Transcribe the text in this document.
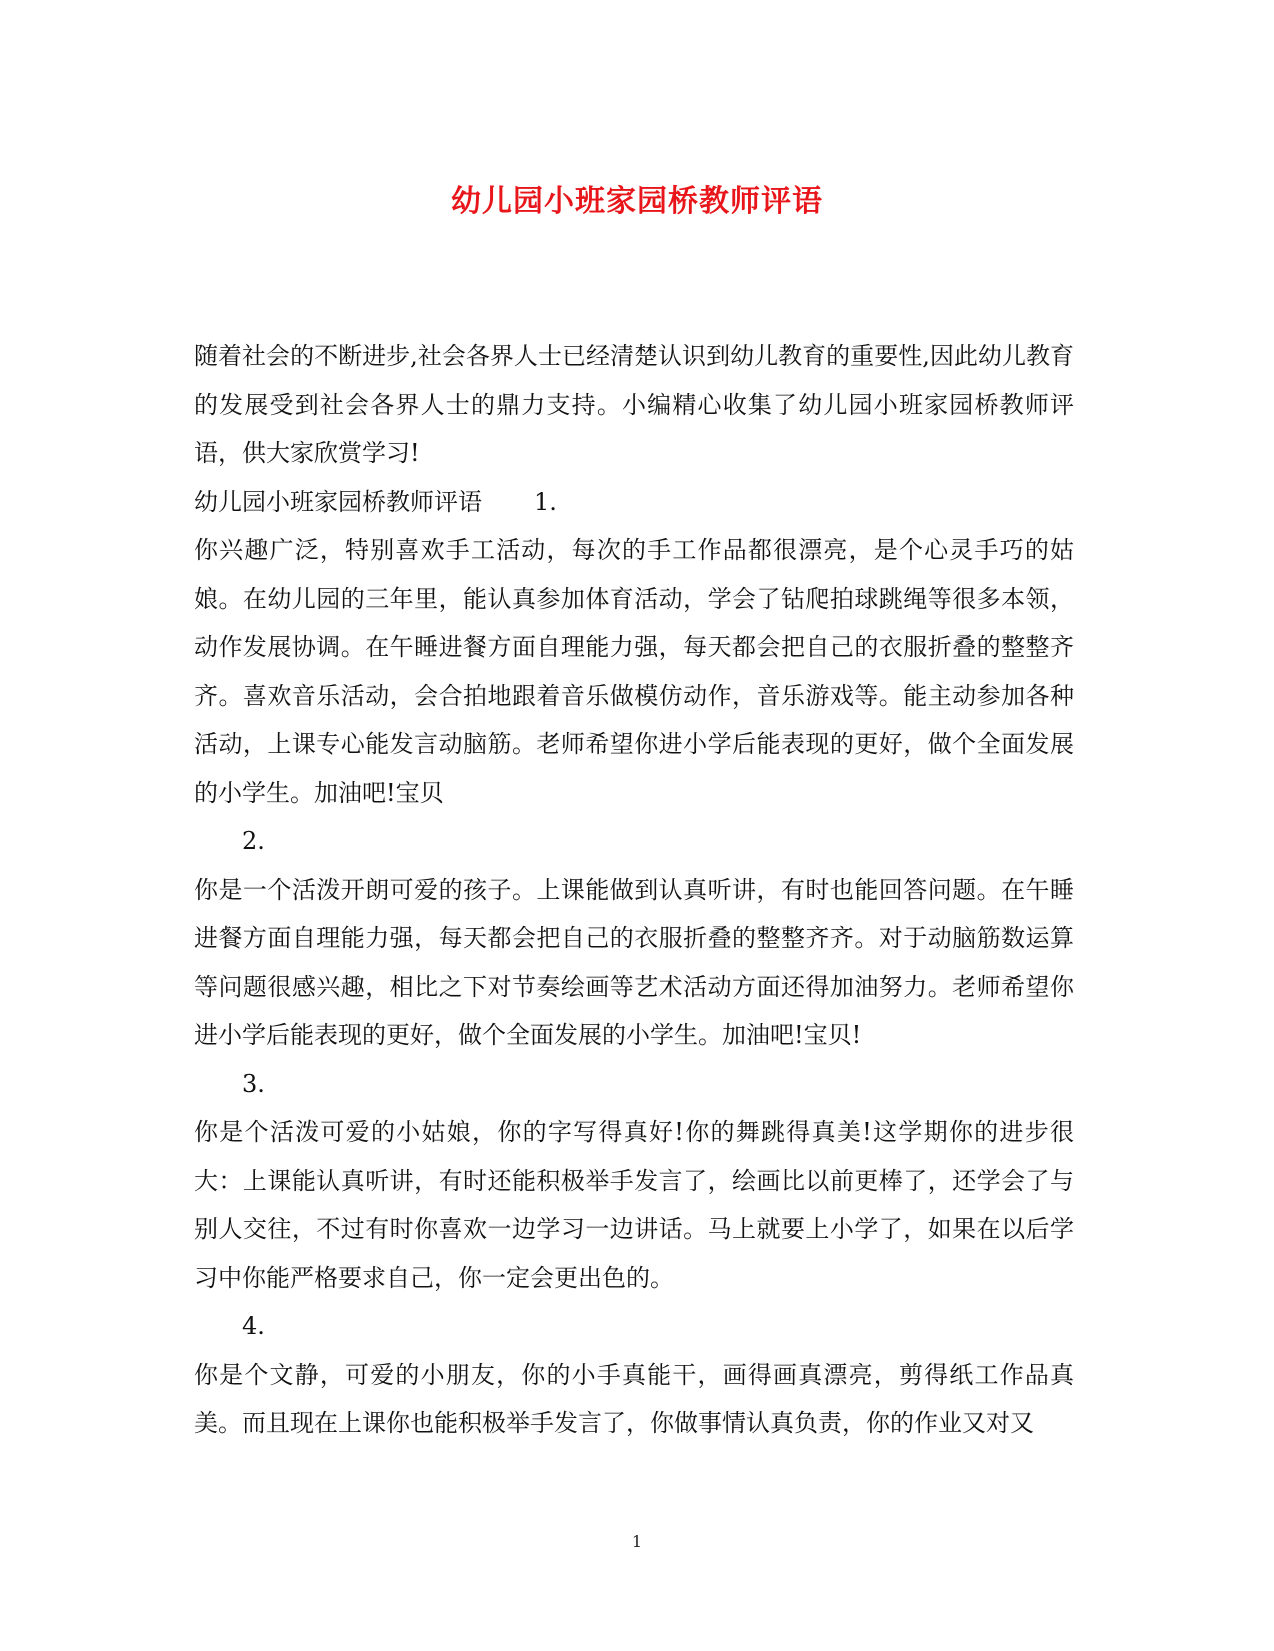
幼儿园小班家园桥教师评语

随着社会的不断进步,社会各界人士已经清楚认识到幼儿教育的重要性,因此幼儿教育的发展受到社会各界人士的鼎力支持。小编精心收集了幼儿园小班家园桥教师评语，供大家欣赏学习!

幼儿园小班家园桥教师评语 1.

你兴趣广泛，特别喜欢手工活动，每次的手工作品都很漂亮，是个心灵手巧的姑娘。在幼儿园的三年里，能认真参加体育活动，学会了钻爬拍球跳绳等很多本领，动作发展协调。在午睡进餐方面自理能力强，每天都会把自己的衣服折叠的整整齐齐。喜欢音乐活动，会合拍地跟着音乐做模仿动作，音乐游戏等。能主动参加各种活动，上课专心能发言动脑筋。老师希望你进小学后能表现的更好，做个全面发展的小学生。加油吧!宝贝

2.

你是一个活泼开朗可爱的孩子。上课能做到认真听讲，有时也能回答问题。在午睡进餐方面自理能力强，每天都会把自己的衣服折叠的整整齐齐。对于动脑筋数运算等问题很感兴趣，相比之下对节奏绘画等艺术活动方面还得加油努力。老师希望你进小学后能表现的更好，做个全面发展的小学生。加油吧!宝贝!

3.

你是个活泼可爱的小姑娘，你的字写得真好!你的舞跳得真美!这学期你的进步很大：上课能认真听讲，有时还能积极举手发言了，绘画比以前更棒了，还学会了与别人交往，不过有时你喜欢一边学习一边讲话。马上就要上小学了，如果在以后学习中你能严格要求自己，你一定会更出色的。

4.

你是个文静，可爱的小朋友，你的小手真能干，画得画真漂亮，剪得纸工作品真美。而且现在上课你也能积极举手发言了，你做事情认真负责，你的作业又对又

1
